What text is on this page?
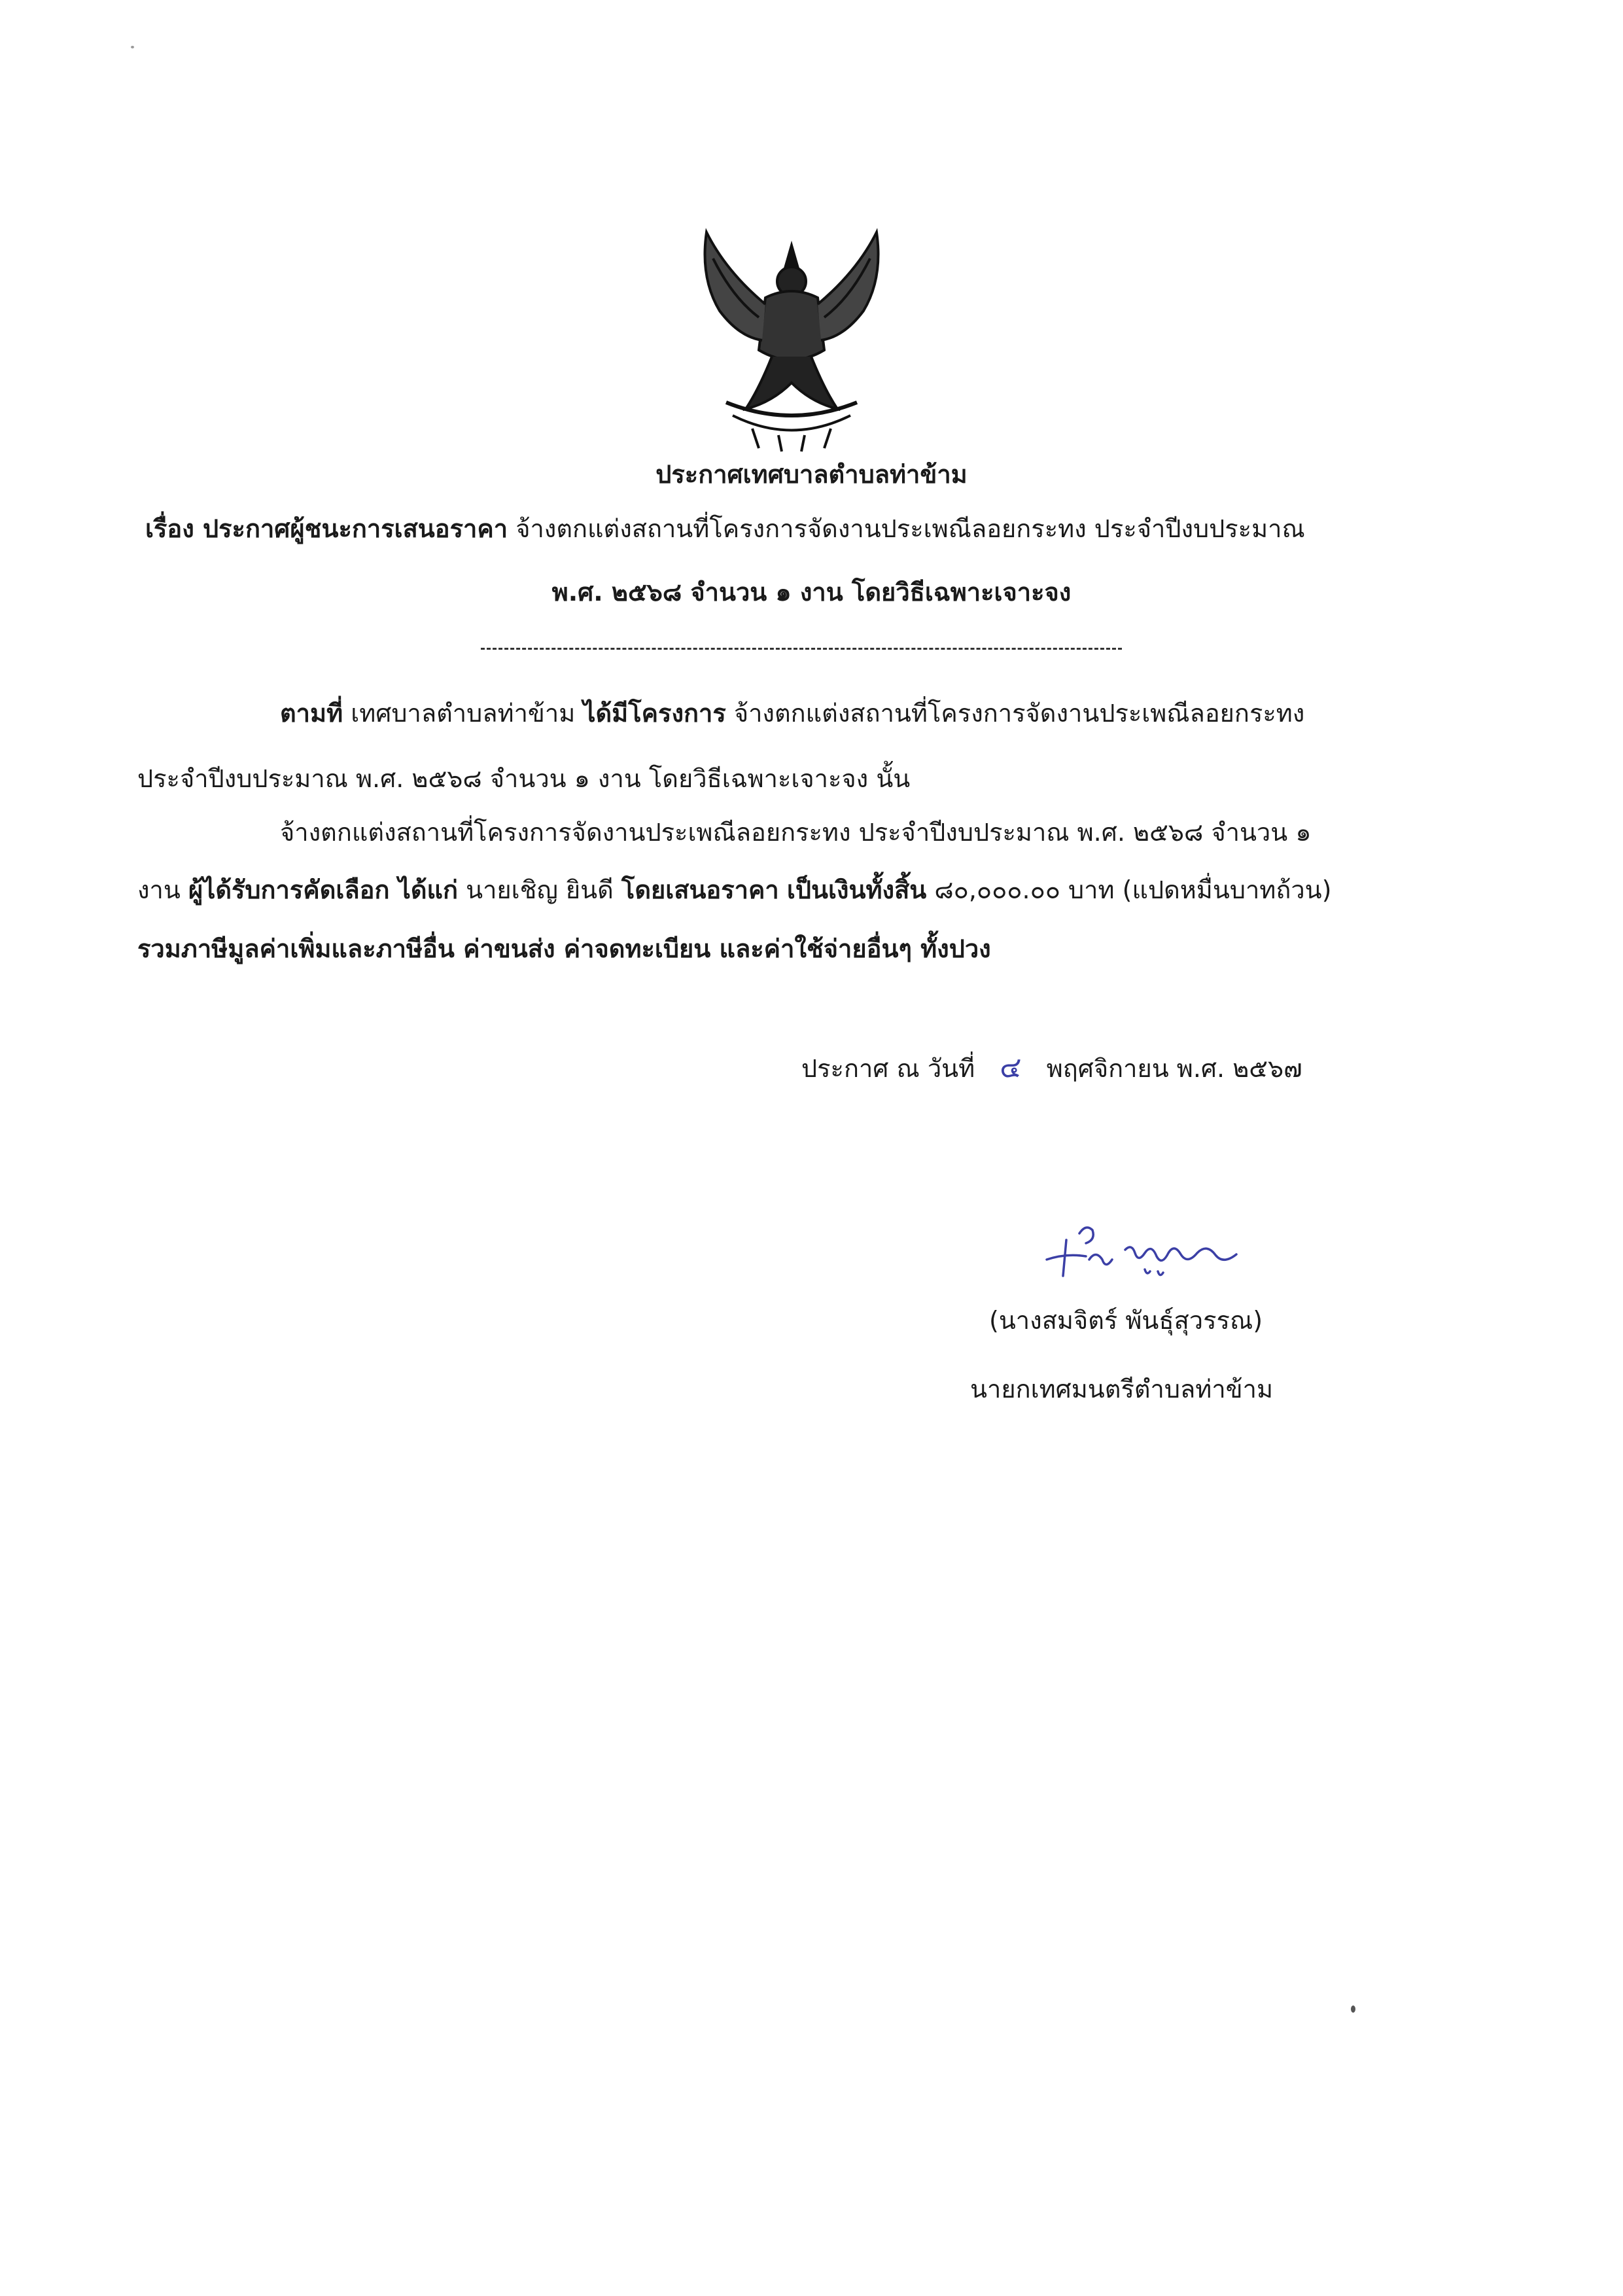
ประกาศเทศบาลตำบลท่าข้าม
เรื่อง ประกาศผู้ชนะการเสนอราคา จ้างตกแต่งสถานที่โครงการจัดงานประเพณีลอยกระทง ประจำปีงบประมาณ
พ.ศ. ๒๕๖๘ จำนวน ๑ งาน โดยวิธีเฉพาะเจาะจง
ตามที่ เทศบาลตำบลท่าข้าม ได้มีโครงการ จ้างตกแต่งสถานที่โครงการจัดงานประเพณีลอยกระทง
ประจำปีงบประมาณ พ.ศ. ๒๕๖๘ จำนวน ๑ งาน โดยวิธีเฉพาะเจาะจง นั้น
จ้างตกแต่งสถานที่โครงการจัดงานประเพณีลอยกระทง ประจำปีงบประมาณ พ.ศ. ๒๕๖๘ จำนวน ๑
งาน ผู้ได้รับการคัดเลือก ได้แก่ นายเชิญ ยินดี โดยเสนอราคา เป็นเงินทั้งสิ้น ๘๐,๐๐๐.๐๐ บาท (แปดหมื่นบาทถ้วน)
รวมภาษีมูลค่าเพิ่มและภาษีอื่น ค่าขนส่ง ค่าจดทะเบียน และค่าใช้จ่ายอื่นๆ ทั้งปวง
ประกาศ ณ วันที่ ๔ พฤศจิกายน พ.ศ. ๒๕๖๗
(นางสมจิตร์ พันธุ์สุวรรณ)
นายกเทศมนตรีตำบลท่าข้าม
